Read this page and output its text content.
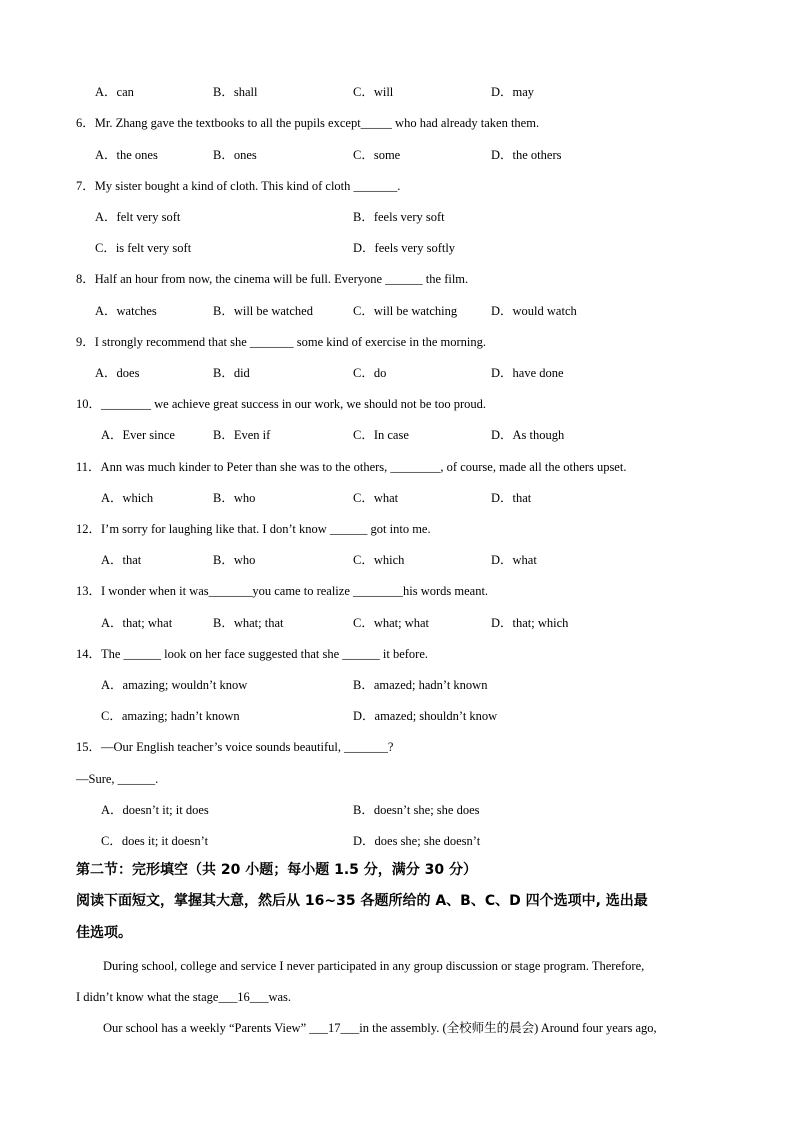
A．can	B．shall	C．will	D．may
6．Mr. Zhang gave the textbooks to all the pupils except_____ who had already taken them.
A．the ones	B．ones	C．some	D．the others
7．My sister bought a kind of cloth. This kind of cloth _______.
A．felt very soft	B．feels very soft
C．is felt very soft	D．feels very softly
8．Half an hour from now, the cinema will be full. Everyone ______ the film.
A．watches	B．will be watched	C．will be watching	D．would watch
9．I strongly recommend that she _______ some kind of exercise in the morning.
A．does	B．did	C．do	D．have done
10．________ we achieve great success in our work, we should not be too proud.
A．Ever since	B．Even if	C．In case	D．As though
11．Ann was much kinder to Peter than she was to the others, ________, of course, made all the others upset.
A．which	B．who	C．what	D．that
12．I’m sorry for laughing like that. I don’t know ______ got into me.
A．that	B．who	C．which	D．what
13．I wonder when it was_______you came to realize ________his words meant.
A．that; what	B．what; that	C．what; what	D．that; which
14．The ______ look on her face suggested that she ______ it before.
A．amazing; wouldn’t know	B．amazed; hadn’t known
C．amazing; hadn’t known	D．amazed; shouldn’t know
15．—Our English teacher’s voice sounds beautiful, _______?
—Sure, ______.
A．doesn’t it; it does	B．doesn’t she; she does
C．does it; it doesn’t	D．does she; she doesn’t
第二节：完形填空（共 20 小题；每小题 1.5 分，满分 30 分）
阅读下面短文，掌握其大意，然后从 16~35 各题所给的 A、B、C、D 四个选项中, 选出最
佳选项。
During school, college and service I never participated in any group discussion or stage program. Therefore,
I didn’t know what the stage___16___was.
Our school has a weekly “Parents View” ___17___in the assembly. (全校师生的晨会) Around four years ago,
